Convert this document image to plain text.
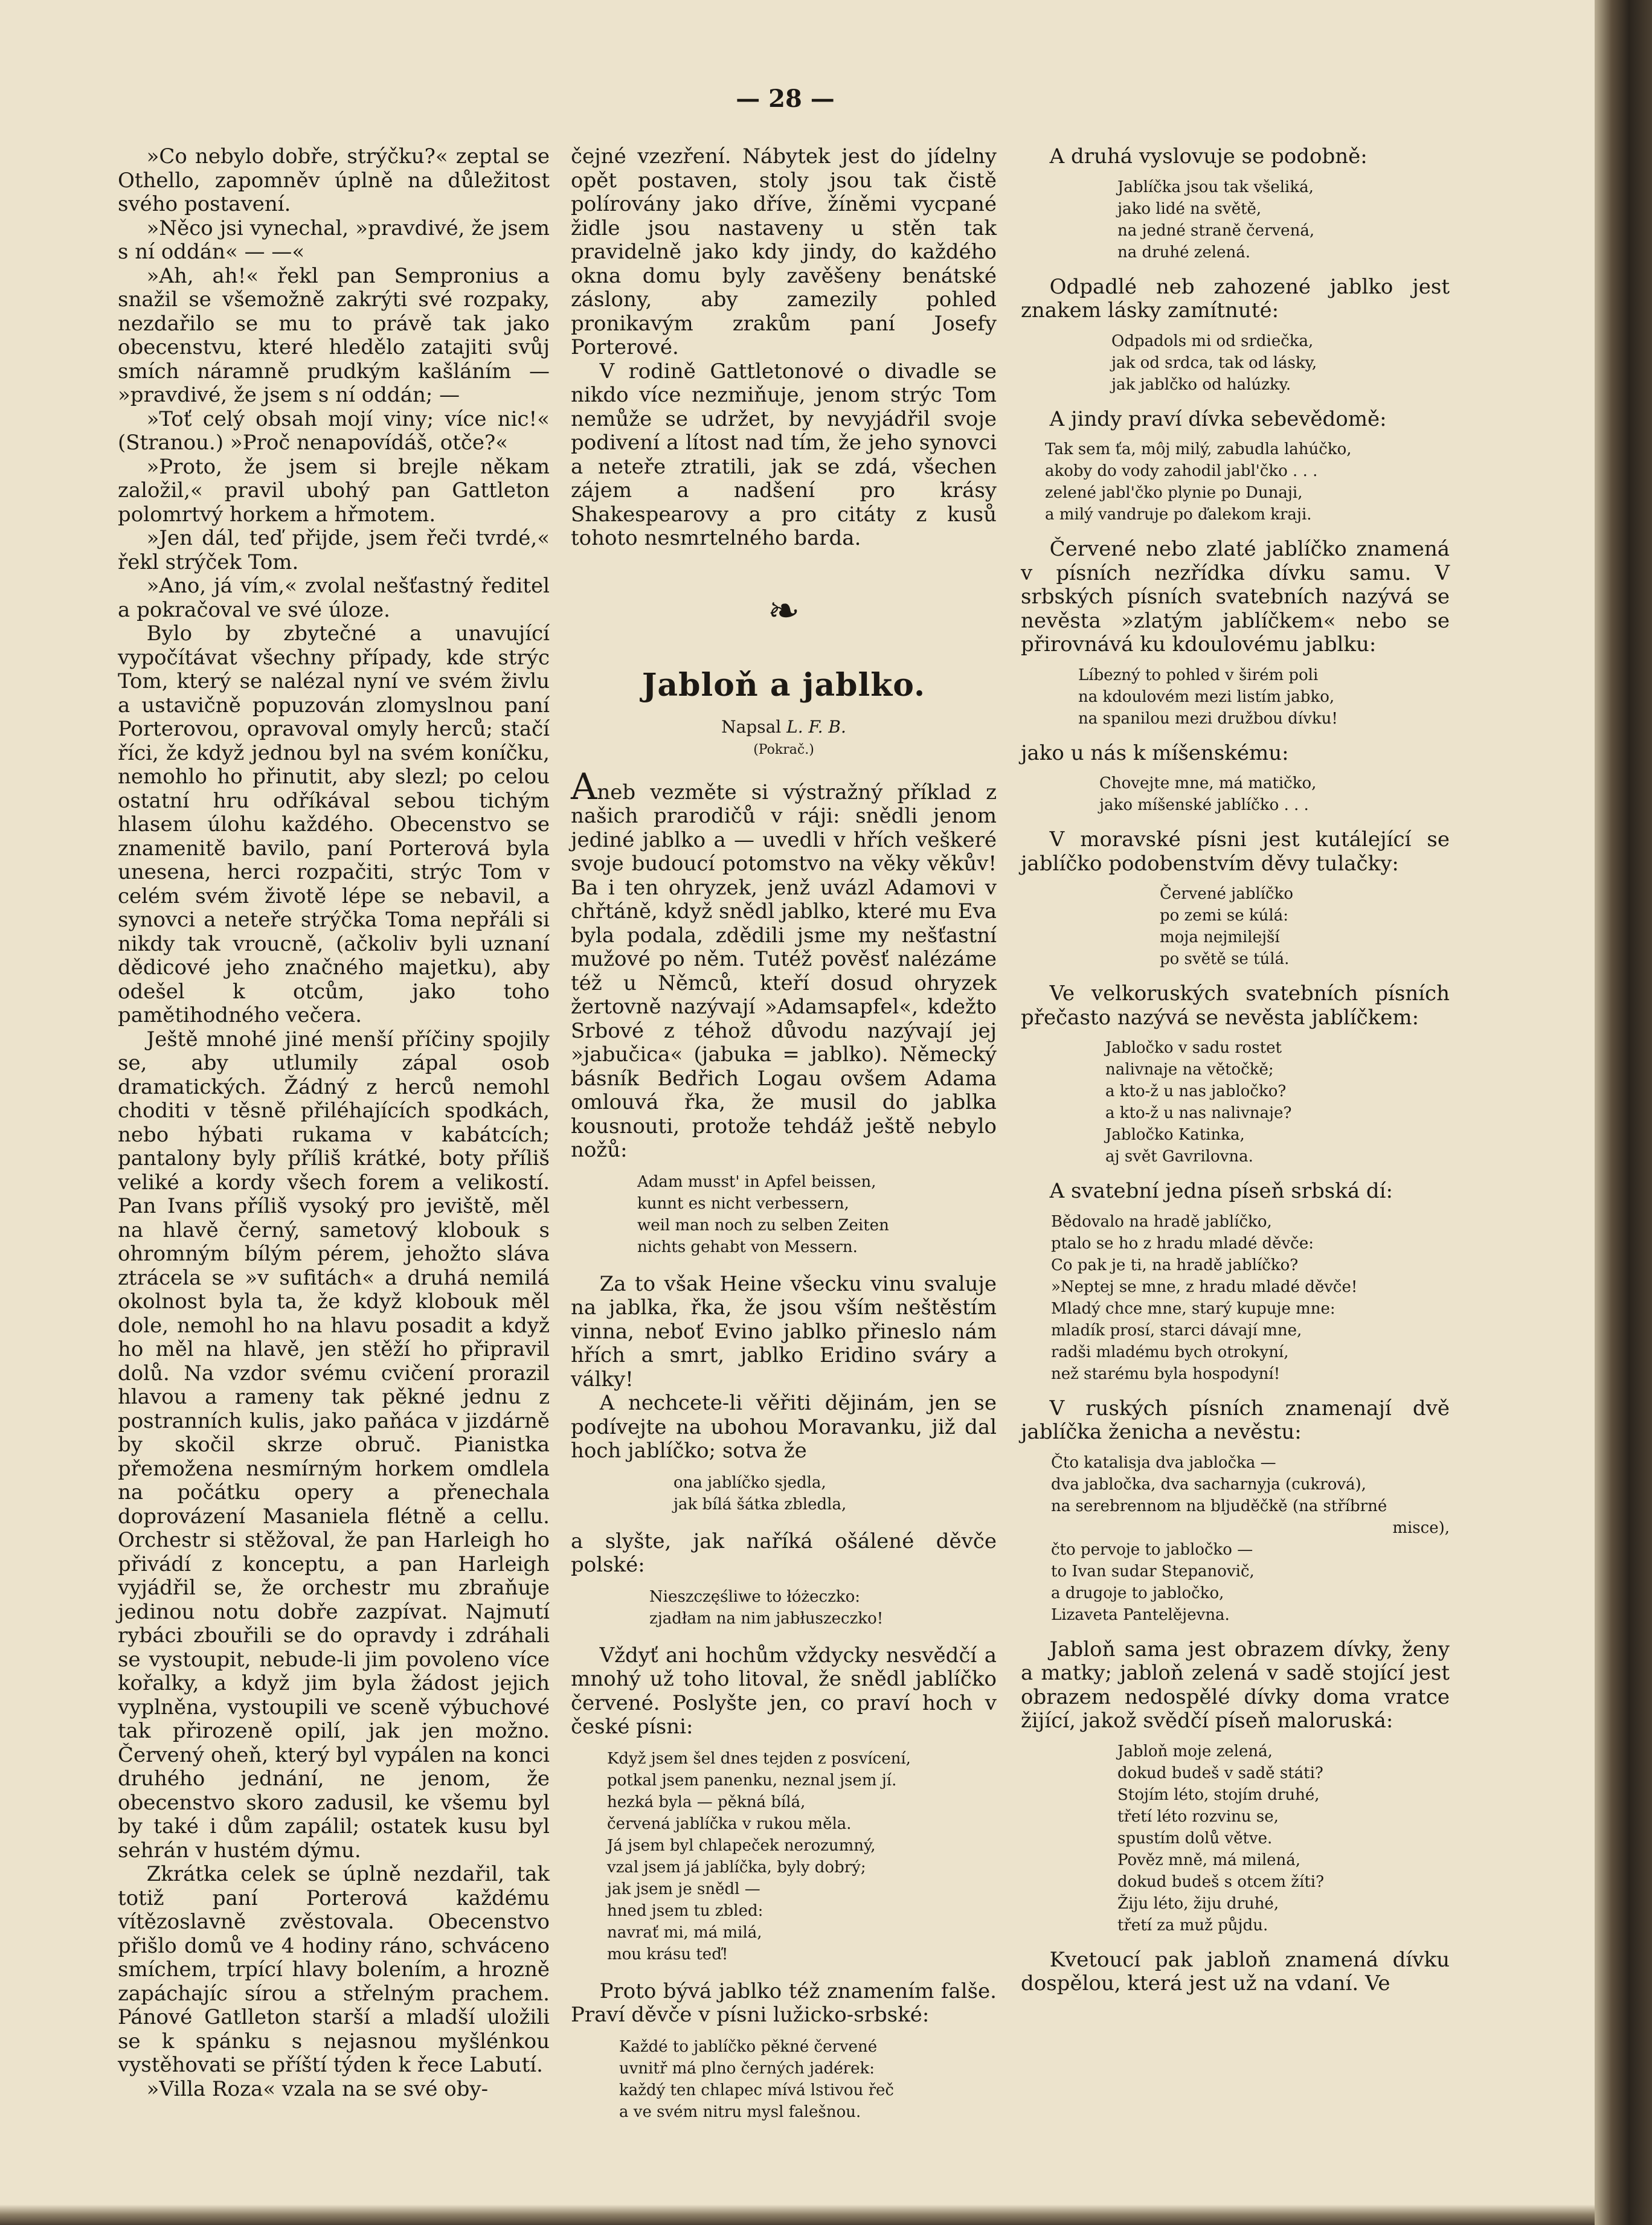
— 28 —

»Co nebylo dobře, strýčku?« zeptal se Othello, zapomněv úplně na důležitost svého postavení.

»Něco jsi vynechal, »pravdivé, že jsem s ní oddán« — —«

»Ah, ah!« řekl pan Sempronius a snažil se všemožně zakrýti své rozpaky, nezdařilo se mu to právě tak jako obecenstvu, které hledělo zatajiti svůj smích náramně prudkým kašláním — »pravdivé, že jsem s ní oddán; —

»Toť celý obsah mojí viny; více nic!« (Stranou.) »Proč nenapovídáš, otče?«

»Proto, že jsem si brejle někam založil,« pravil ubohý pan Gattleton polomrtvý horkem a hřmotem.

»Jen dál, teď přijde, jsem řeči tvrdé,« řekl strýček Tom.

»Ano, já vím,« zvolal nešťastný ředitel a pokračoval ve své úloze.

Bylo by zbytečné a unavující vypočítávat všechny případy, kde strýc Tom, který se nalézal nyní ve svém živlu a ustavičně popuzován zlomyslnou paní Porterovou, opravoval omyly herců; stačí říci, že když jednou byl na svém koníčku, nemohlo ho přinutit, aby slezl; po celou ostatní hru odříkával sebou tichým hlasem úlohu každého. Obecenstvo se znamenitě bavilo, paní Porterová byla unesena, herci rozpačiti, strýc Tom v celém svém životě lépe se nebavil, a synovci a neteře strýčka Toma nepřáli si nikdy tak vroucně, (ačkoliv byli uznaní dědicové jeho značného majetku), aby odešel k otcům, jako toho pamětihodného večera.

Ještě mnohé jiné menší příčiny spojily se, aby utlumily zápal osob dramatických. Žádný z herců nemohl choditi v těsně přiléhajících spodkách, nebo hýbati rukama v kabátcích; pantalony byly příliš krátké, boty příliš veliké a kordy všech forem a velikostí. Pan Ivans příliš vysoký pro jeviště, měl na hlavě černý, sametový klobouk s ohromným bílým pérem, jehožto sláva ztrácela se »v sufitách« a druhá nemilá okolnost byla ta, že když klobouk měl dole, nemohl ho na hlavu posadit a když ho měl na hlavě, jen stěží ho připravil dolů. Na vzdor svému cvičení prorazil hlavou a rameny tak pěkné jednu z postranních kulis, jako paňáca v jizdárně by skočil skrze obruč. Pianistka přemožena nesmírným horkem omdlela na počátku opery a přenechala doprovázení Masaniela flétně a cellu. Orchestr si stěžoval, že pan Harleigh ho přivádí z konceptu, a pan Harleigh vyjádřil se, že orchestr mu zbraňuje jedinou notu dobře zazpívat. Najmutí rybáci zbouřili se do opravdy i zdráhali se vystoupit, nebude-li jim povoleno více kořalky, a když jim byla žádost jejich vyplněna, vystoupili ve sceně výbuchové tak přirozeně opilí, jak jen možno. Červený oheň, který byl vypálen na konci druhého jednání, ne jenom, že obecenstvo skoro zadusil, ke všemu byl by také i dům zapálil; ostatek kusu byl sehrán v hustém dýmu.

Zkrátka celek se úplně nezdařil, tak totiž paní Porterová každému vítězoslavně zvěstovala. Obecenstvo přišlo domů ve 4 hodiny ráno, schváceno smíchem, trpící hlavy bolením, a hrozně zapáchajíc sírou a střelným prachem. Pánové Gatlleton starší a mladší uložili se k spánku s nejasnou myšlénkou vystěhovati se příští týden k řece Labutí.

»Villa Roza« vzala na se své oby-

čejné vzezření. Nábytek jest do jídelny opět postaven, stoly jsou tak čistě polírovány jako dříve, žíněmi vycpané židle jsou nastaveny u stěn tak pravidelně jako kdy jindy, do každého okna domu byly zavěšeny benátské záslony, aby zamezily pohled pronikavým zrakům paní Josefy Porterové.

V rodině Gattletonové o divadle se nikdo více nezmiňuje, jenom strýc Tom nemůže se udržet, by nevyjádřil svoje podivení a lítost nad tím, že jeho synovci a neteře ztratili, jak se zdá, všechen zájem a nadšení pro krásy Shakespearovy a pro citáty z kusů tohoto nesmrtelného barda.

❧
Jabloň a jablko.
Napsal L. F. B.
(Pokrač.)

Aneb vezměte si výstražný příklad z našich prarodičů v ráji: snědli jenom jediné jablko a — uvedli v hřích veškeré svoje budoucí potomstvo na věky věkův! Ba i ten ohryzek, jenž uvázl Adamovi v chřtáně, když snědl jablko, které mu Eva byla podala, zdědili jsme my nešťastní mužové po něm. Tutéž pověsť nalézáme též u Němců, kteří dosud ohryzek žertovně nazývají »Adamsapfel«, kdežto Srbové z téhož důvodu nazývají jej »jabučica« (jabuka = jablko). Německý básník Bedřich Logau ovšem Adama omlouvá řka, že musil do jablka kousnouti, protože tehdáž ještě nebylo nožů:

Adam musst' in Apfel beissen,
kunnt es nicht verbessern,
weil man noch zu selben Zeiten
nichts gehabt von Messern.

Za to však Heine všecku vinu svaluje na jablka, řka, že jsou vším neštěstím vinna, neboť Evino jablko přineslo nám hřích a smrt, jablko Eridino sváry a války!

A nechcete-li věřiti dějinám, jen se podívejte na ubohou Moravanku, již dal hoch jablíčko; sotva že

ona jablíčko sjedla,
jak bílá šátka zbledla,

a slyšte, jak naříká ošálené děvče polské:

Nieszczęśliwe to łóżeczko:
zjadłam na nim jabłuszeczko!

Vždyť ani hochům vždycky nesvědčí a mnohý už toho litoval, že snědl jablíčko červené. Poslyšte jen, co praví hoch v české písni:

Když jsem šel dnes tejden z posvícení,
potkal jsem panenku, neznal jsem jí.
hezká byla — pěkná bílá,
červená jablíčka v rukou měla.
Já jsem byl chlapeček nerozumný,
vzal jsem já jablíčka, byly dobrý;
jak jsem je snědl —
hned jsem tu zbled:
navrať mi, má milá,
mou krásu teď!

Proto bývá jablko též znamením falše. Praví děvče v písni lužicko-srbské:

Každé to jablíčko pěkné červené
uvnitř má plno černých jadérek:
každý ten chlapec mívá lstivou řeč
a ve svém nitru mysl falešnou.

A druhá vyslovuje se podobně:

Jablíčka jsou tak všeliká,
jako lidé na světě,
na jedné straně červená,
na druhé zelená.

Odpadlé neb zahozené jablko jest znakem lásky zamítnuté:

Odpadols mi od srdiečka,
jak od srdca, tak od lásky,
jak jablčko od halúzky.

A jindy praví dívka sebevědomě:

Tak sem ťa, môj milý, zabudla lahúčko,
akoby do vody zahodil jabl'čko . . .
zelené jabl'čko plynie po Dunaji,
a milý vandruje po ďalekom kraji.

Červené nebo zlaté jablíčko znamená v písních nezřídka dívku samu. V srbských písních svatebních nazývá se nevěsta »zlatým jablíčkem« nebo se přirovnává ku kdoulovému jablku:

Líbezný to pohled v širém poli
na kdoulovém mezi listím jabko,
na spanilou mezi družbou dívku!

jako u nás k míšenskému:

Chovejte mne, má matičko,
jako míšenské jablíčko . . .

V moravské písni jest kutálející se jablíčko podobenstvím děvy tulačky:

Červené jablíčko
po zemi se kúlá:
moja nejmilejší
po světě se túlá.

Ve velkoruských svatebních písních přečasto nazývá se nevěsta jablíčkem:

Jabločko v sadu rostet
nalivnaje na větočkě;
a kto-ž u nas jabločko?
a kto-ž u nas nalivnaje?
Jabločko Katinka,
aj svět Gavrilovna.

A svatební jedna píseň srbská dí:

Bědovalo na hradě jablíčko,
ptalo se ho z hradu mladé děvče:
Co pak je ti, na hradě jablíčko?
»Neptej se mne, z hradu mladé děvče!
Mladý chce mne, starý kupuje mne:
mladík prosí, starci dávají mne,
radši mladému bych otrokyní,
než starému byla hospodyní!

V ruských písních znamenají dvě jablíčka ženicha a nevěstu:

Čto katalisja dva jabločka —
dva jabločka, dva sacharnyja (cukrová),
na serebrennom na bljuděčkě (na stříbrné
misce),
čto pervoje to jabločko —
to Ivan sudar Stepanovič,
a drugoje to jabločko,
Lizaveta Pantelějevna.

Jabloň sama jest obrazem dívky, ženy a matky; jabloň zelená v sadě stojící jest obrazem nedospělé dívky doma vratce žijící, jakož svědčí píseň maloruská:

Jabloň moje zelená,
dokud budeš v sadě státi?
Stojím léto, stojím druhé,
třetí léto rozvinu se,
spustím dolů větve.
Pověz mně, má milená,
dokud budeš s otcem žíti?
Žiju léto, žiju druhé,
třetí za muž půjdu.

Kvetoucí pak jabloň znamená dívku dospělou, která jest už na vdaní. Ve
